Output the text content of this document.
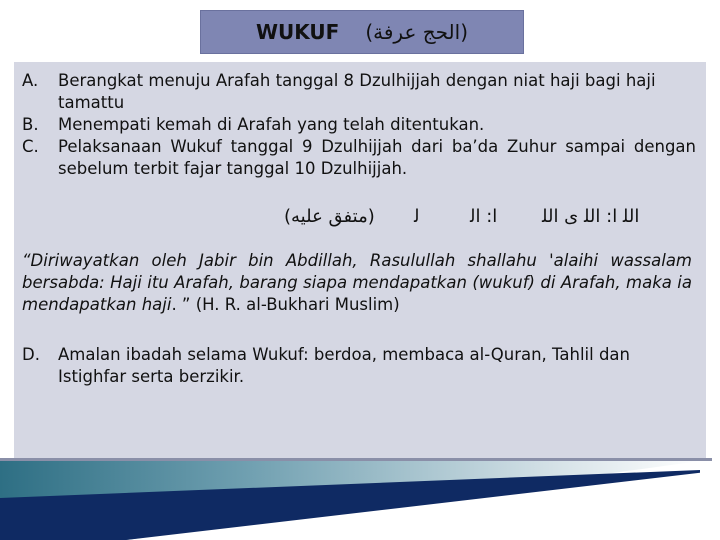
WUKUF (الحج عرفة)
A.	Berangkat menuju Arafah tanggal 8 Dzulhijjah dengan niat haji bagi haji tamattu
B.	Menempati kemah di Arafah yang telah ditentukan.
C.	Pelaksanaan Wukuf tanggal 9 Dzulhijjah dari ba’da Zuhur sampai dengan sebelum terbit fajar tanggal 10 Dzulhijjah.
(متفق عليه) ﻟ	ﺍ: ﺍﻟ ﺍﻟﻠ ﺍ: ﺍﻟﻠ ﻯ ﺍﻟﻠ
“Diriwayatkan oleh Jabir bin Abdillah, Rasulullah shallahu 'alaihi wassalam bersabda: Haji itu Arafah, barang siapa mendapatkan (wukuf) di Arafah, maka ia mendapatkan haji. ” (H. R. al-Bukhari Muslim)
D.	Amalan ibadah selama Wukuf: berdoa, membaca al-Quran, Tahlil dan Istighfar serta berzikir.
